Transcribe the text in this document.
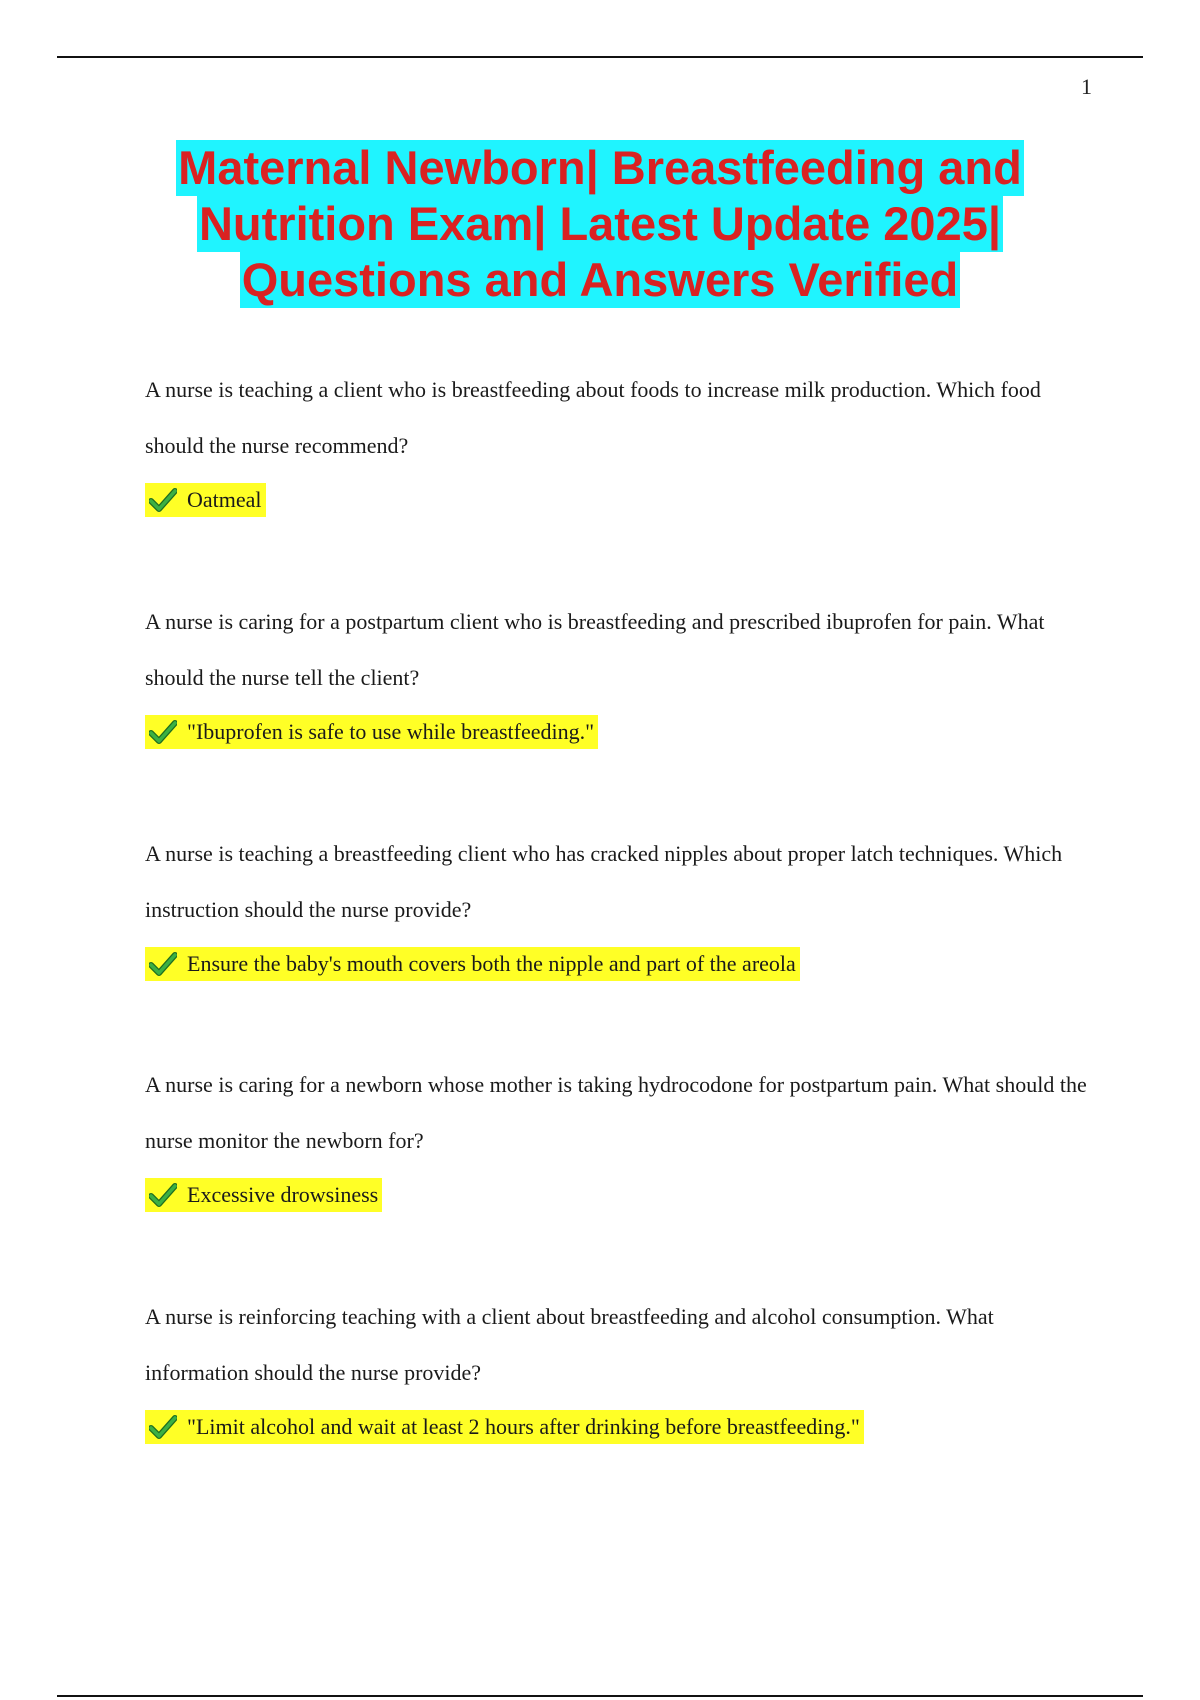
1
Maternal Newborn| Breastfeeding and
Nutrition Exam| Latest Update 2025|
Questions and Answers Verified

A nurse is teaching a client who is breastfeeding about foods to increase milk production. Which food should the nurse recommend?

Oatmeal

A nurse is caring for a postpartum client who is breastfeeding and prescribed ibuprofen for pain. What should the nurse tell the client?

"Ibuprofen is safe to use while breastfeeding."

A nurse is teaching a breastfeeding client who has cracked nipples about proper latch techniques. Which instruction should the nurse provide?

Ensure the baby's mouth covers both the nipple and part of the areola

A nurse is caring for a newborn whose mother is taking hydrocodone for postpartum pain. What should the nurse monitor the newborn for?

Excessive drowsiness

A nurse is reinforcing teaching with a client about breastfeeding and alcohol consumption. What information should the nurse provide?

"Limit alcohol and wait at least 2 hours after drinking before breastfeeding."
